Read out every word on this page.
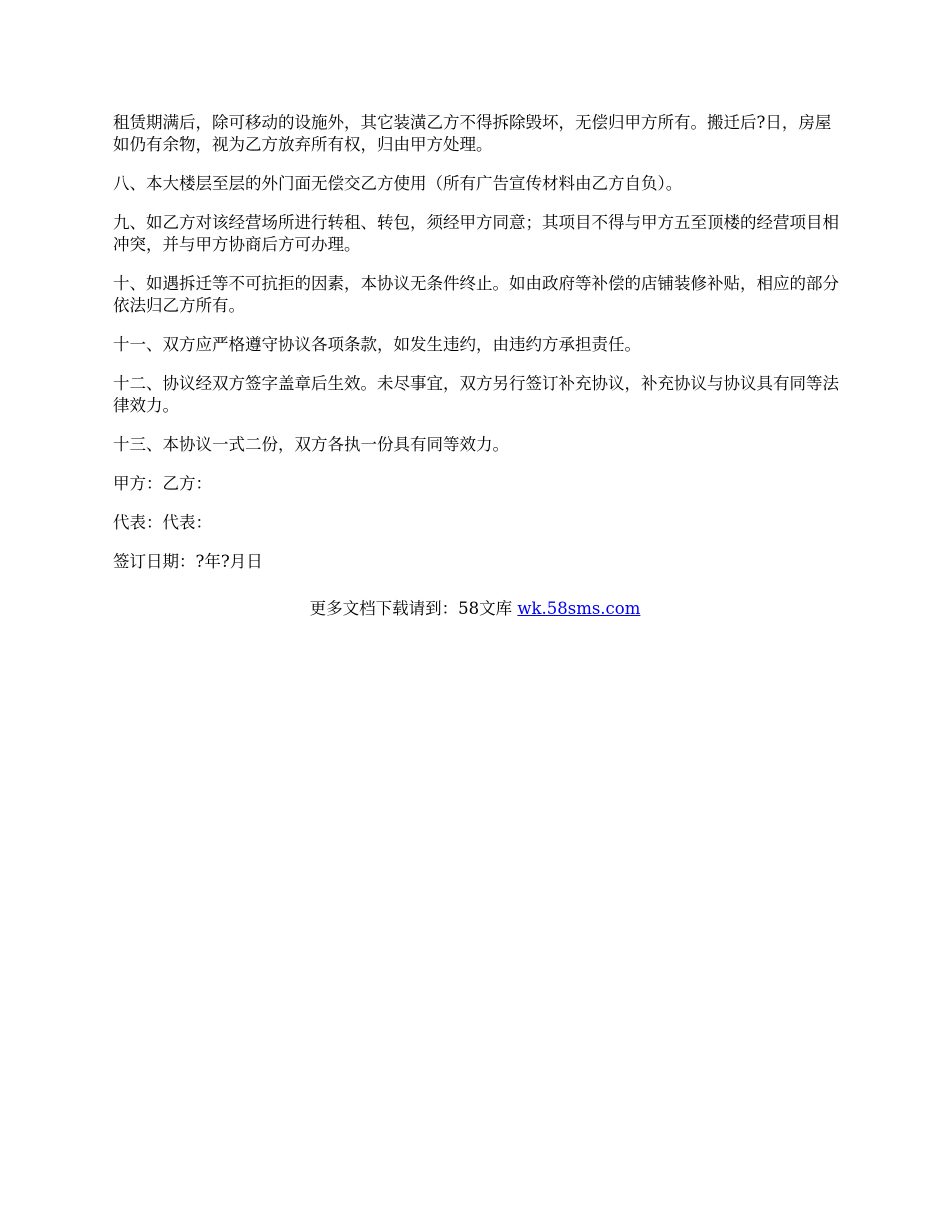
租赁期满后，除可移动的设施外，其它装潢乙方不得拆除毁坏，无偿归甲方所有。搬迁后?日，房屋如仍有余物，视为乙方放弃所有权，归由甲方处理。

八、本大楼层至层的外门面无偿交乙方使用（所有广告宣传材料由乙方自负）。

九、如乙方对该经营场所进行转租、转包，须经甲方同意；其项目不得与甲方五至顶楼的经营项目相冲突，并与甲方协商后方可办理。

十、如遇拆迁等不可抗拒的因素，本协议无条件终止。如由政府等补偿的店铺装修补贴，相应的部分依法归乙方所有。

十一、双方应严格遵守协议各项条款，如发生违约，由违约方承担责任。

十二、协议经双方签字盖章后生效。未尽事宜，双方另行签订补充协议，补充协议与协议具有同等法律效力。

十三、本协议一式二份，双方各执一份具有同等效力。

甲方：乙方：

代表：代表：

签订日期：?年?月日

更多文档下载请到：58文库 wk.58sms.com
